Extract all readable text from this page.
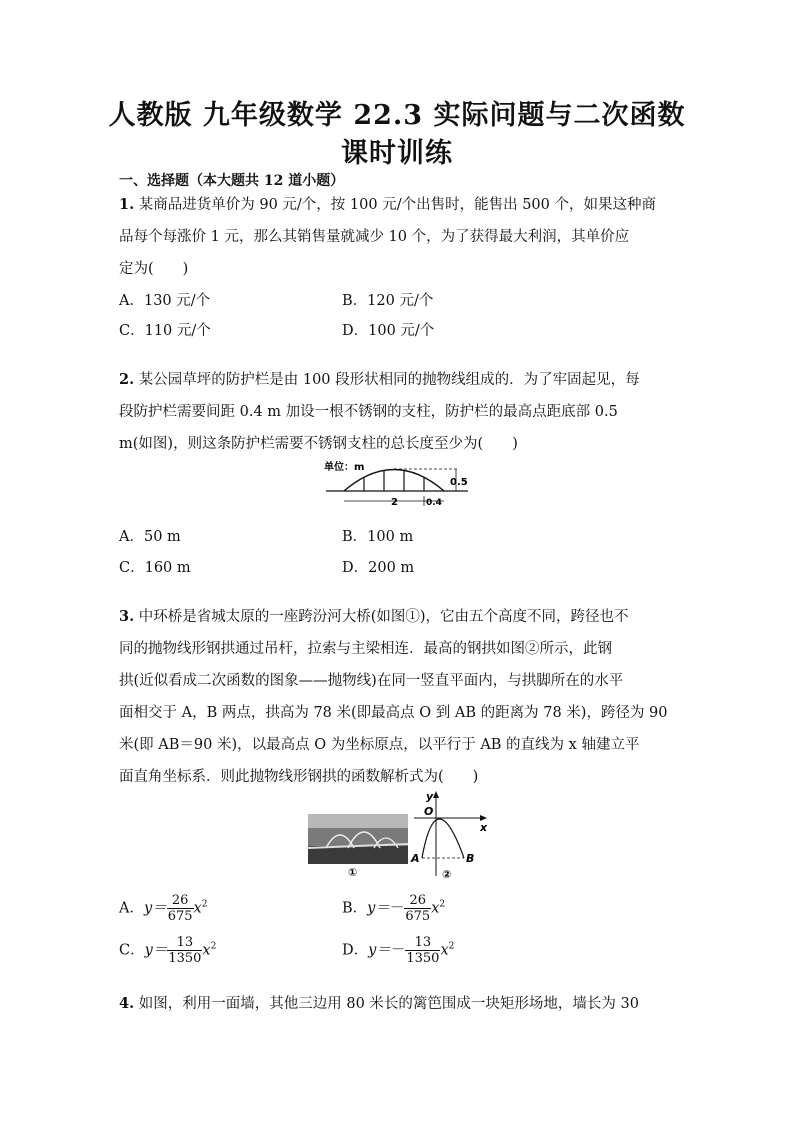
人教版 九年级数学 22.3 实际问题与二次函数
课时训练
一、选择题（本大题共 12 道小题）
1. 某商品进货单价为 90 元/个，按 100 元/个出售时，能售出 500 个，如果这种商
品每个每涨价 1 元，那么其销售量就减少 10 个，为了获得最大利润，其单价应
定为(　　)
A．130 元/个	B．120 元/个
C．110 元/个	D．100 元/个
2. 某公园草坪的防护栏是由 100 段形状相同的抛物线组成的．为了牢固起见，每
段防护栏需要间距 0.4 m 加设一根不锈钢的支柱，防护栏的最高点距底部 0.5
m(如图)，则这条防护栏需要不锈钢支柱的总长度至少为(　　)
单位：m
0.5
2	0.4
A．50 m	B．100 m
C．160 m	D．200 m
3. 中环桥是省城太原的一座跨汾河大桥(如图①)，它由五个高度不同，跨径也不
同的抛物线形钢拱通过吊杆，拉索与主梁相连．最高的钢拱如图②所示，此钢
拱(近似看成二次函数的图象——抛物线)在同一竖直平面内，与拱脚所在的水平
面相交于 A，B 两点，拱高为 78 米(即最高点 O 到 AB 的距离为 78 米)，跨径为 90
米(即 AB＝90 米)，以最高点 O 为坐标原点，以平行于 AB 的直线为 x 轴建立平
面直角坐标系．则此抛物线形钢拱的函数解析式为(　　)
①
y
x
O
A	B
②
A．$y= \frac{26}{675} x^2$	B．$y=- \frac{26}{675} x^2$
C．$y= \frac{13}{1350} x^2$	D．$y=- \frac{13}{1350} x^2$
4. 如图，利用一面墙，其他三边用 80 米长的篱笆围成一块矩形场地，墙长为 30
